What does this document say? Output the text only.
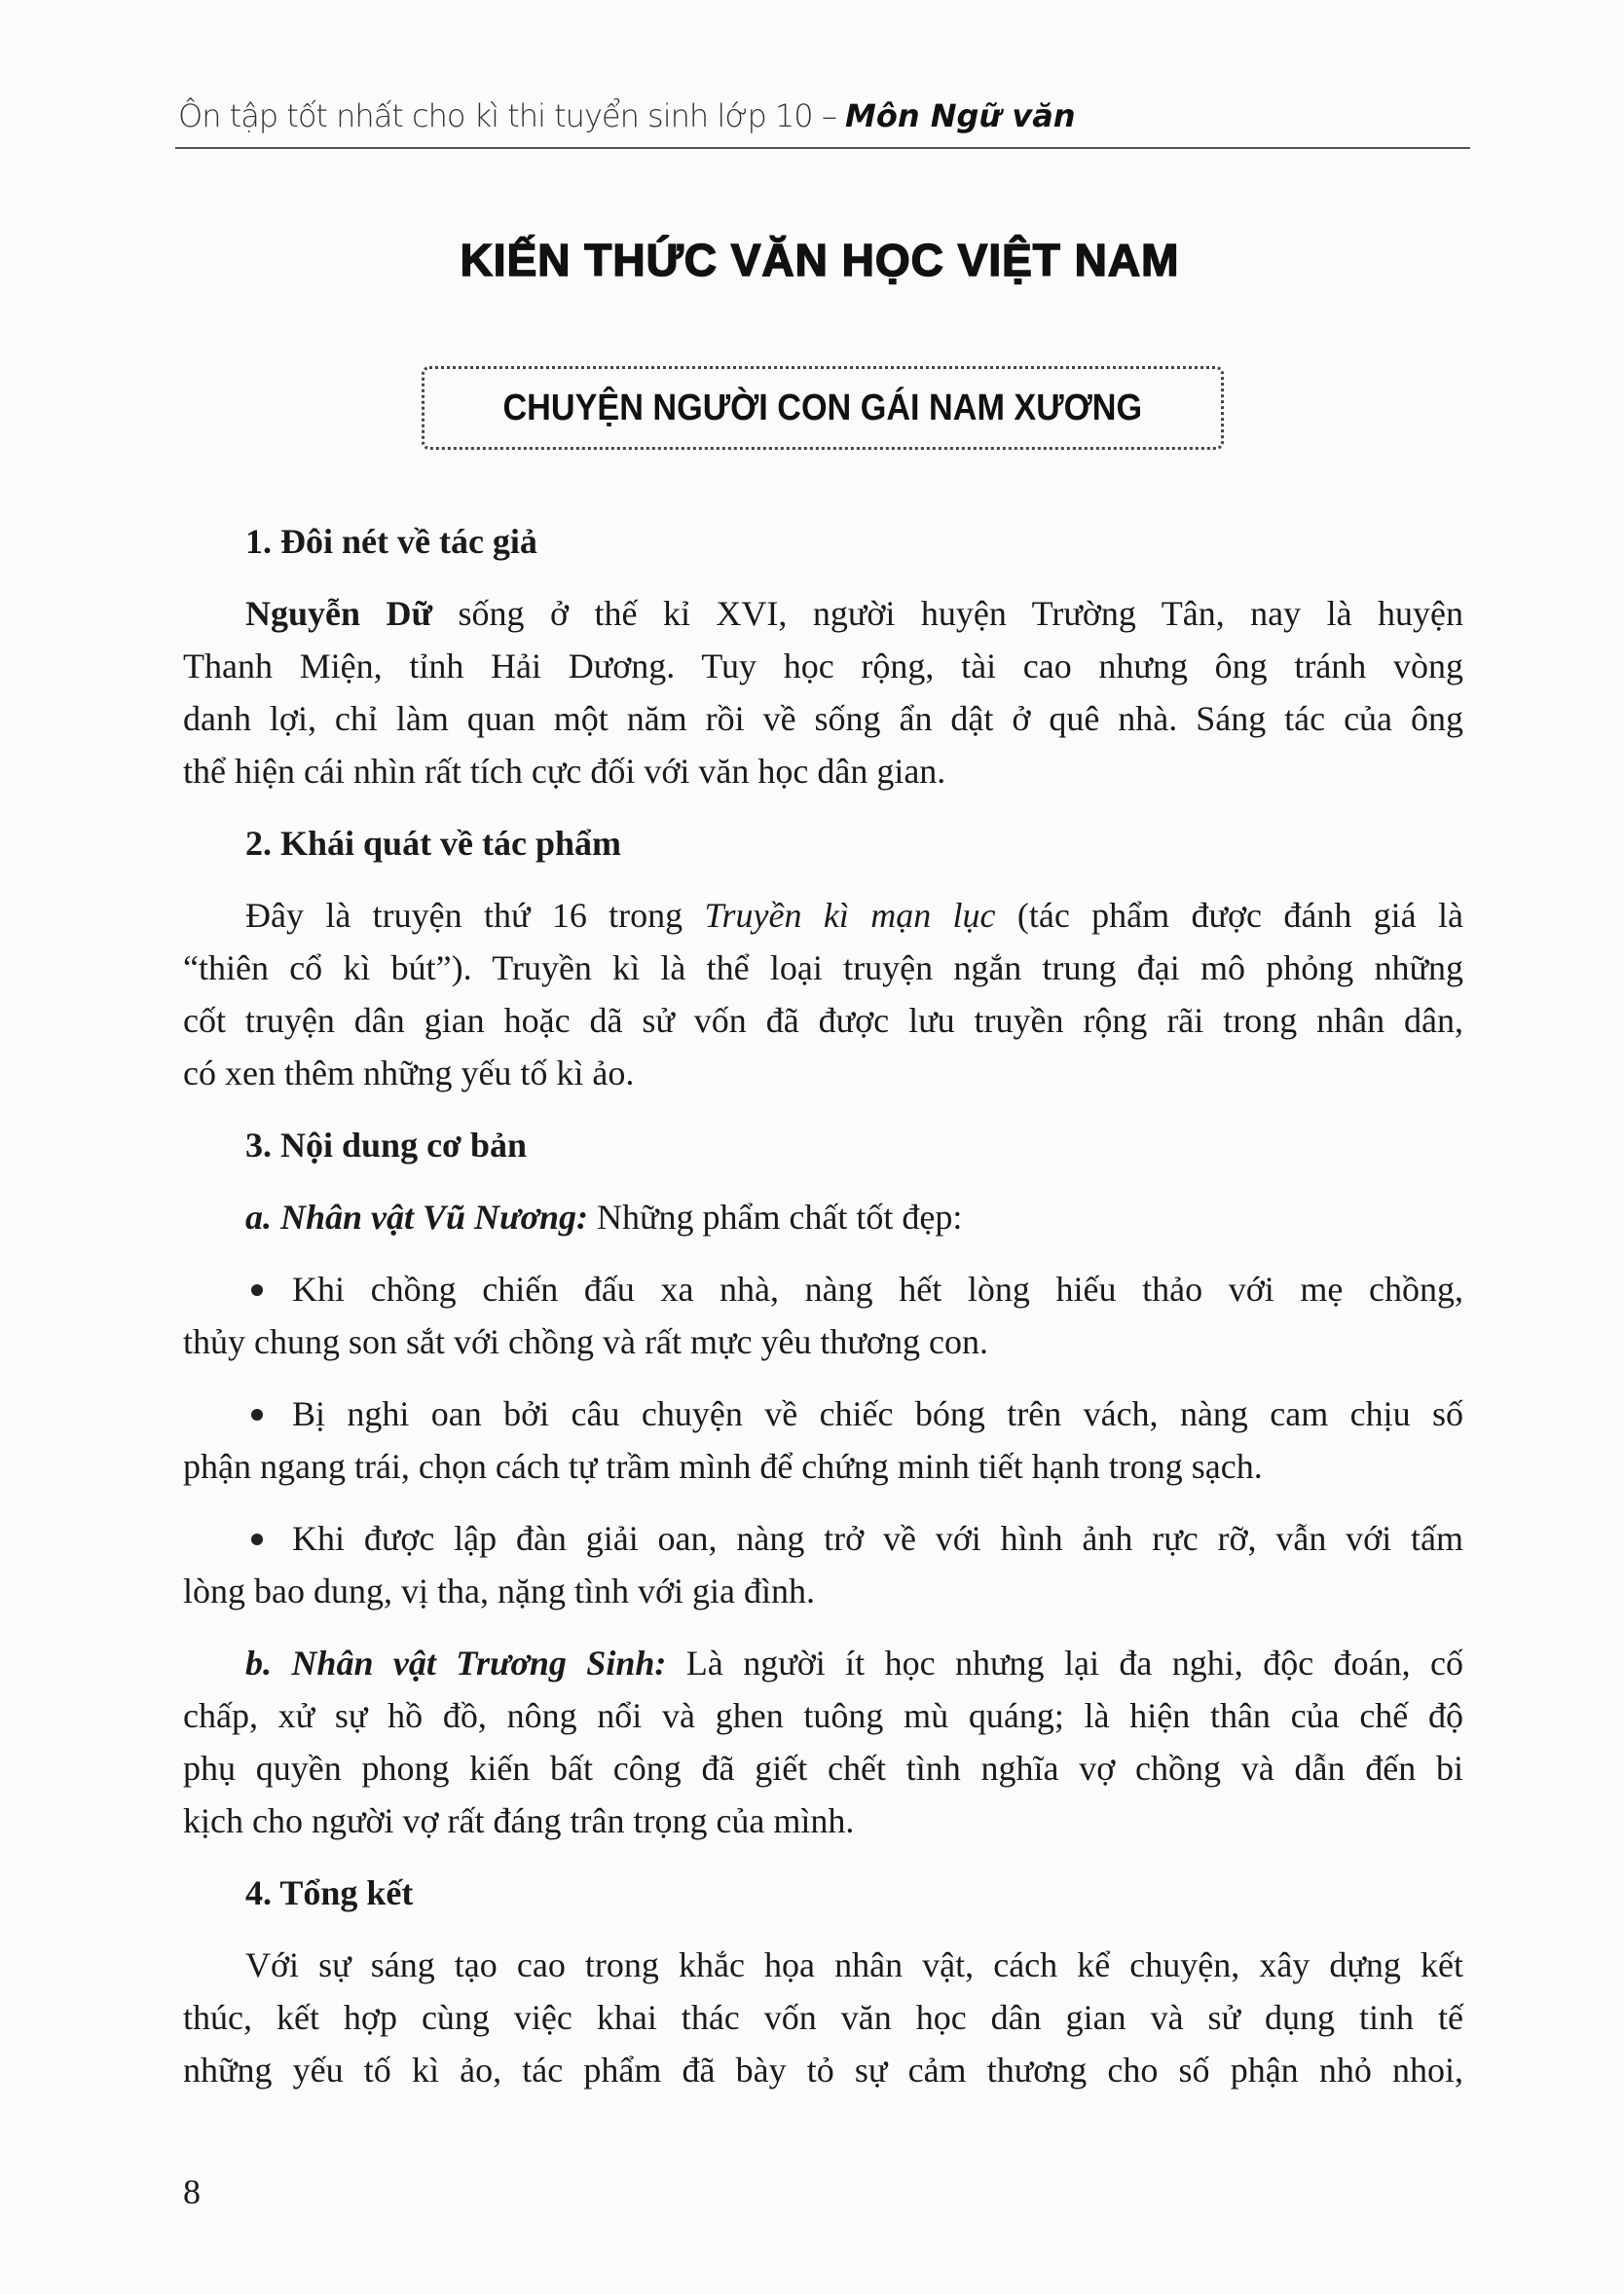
Ôn tập tốt nhất cho kì thi tuyển sinh lớp 10 – Môn Ngữ văn
KIẾN THỨC VĂN HỌC VIỆT NAM
CHUYỆN NGƯỜI CON GÁI NAM XƯƠNG
1. Đôi nét về tác giả
Nguyễn Dữ sống ở thế kỉ XVI, người huyện Trường Tân, nay là huyện
Thanh Miện, tỉnh Hải Dương. Tuy học rộng, tài cao nhưng ông tránh vòng
danh lợi, chỉ làm quan một năm rồi về sống ẩn dật ở quê nhà. Sáng tác của ông
thể hiện cái nhìn rất tích cực đối với văn học dân gian.
2. Khái quát về tác phẩm
Đây là truyện thứ 16 trong Truyền kì mạn lục (tác phẩm được đánh giá là
“thiên cổ kì bút”). Truyền kì là thể loại truyện ngắn trung đại mô phỏng những
cốt truyện dân gian hoặc dã sử vốn đã được lưu truyền rộng rãi trong nhân dân,
có xen thêm những yếu tố kì ảo.
3. Nội dung cơ bản
a. Nhân vật Vũ Nương: Những phẩm chất tốt đẹp:
Khi chồng chiến đấu xa nhà, nàng hết lòng hiếu thảo với mẹ chồng,
thủy chung son sắt với chồng và rất mực yêu thương con.
Bị nghi oan bởi câu chuyện về chiếc bóng trên vách, nàng cam chịu số
phận ngang trái, chọn cách tự trầm mình để chứng minh tiết hạnh trong sạch.
Khi được lập đàn giải oan, nàng trở về với hình ảnh rực rỡ, vẫn với tấm
lòng bao dung, vị tha, nặng tình với gia đình.
b. Nhân vật Trương Sinh: Là người ít học nhưng lại đa nghi, độc đoán, cố
chấp, xử sự hồ đồ, nông nổi và ghen tuông mù quáng; là hiện thân của chế độ
phụ quyền phong kiến bất công đã giết chết tình nghĩa vợ chồng và dẫn đến bi
kịch cho người vợ rất đáng trân trọng của mình.
4. Tổng kết
Với sự sáng tạo cao trong khắc họa nhân vật, cách kể chuyện, xây dựng kết
thúc, kết hợp cùng việc khai thác vốn văn học dân gian và sử dụng tinh tế
những yếu tố kì ảo, tác phẩm đã bày tỏ sự cảm thương cho số phận nhỏ nhoi,
8
